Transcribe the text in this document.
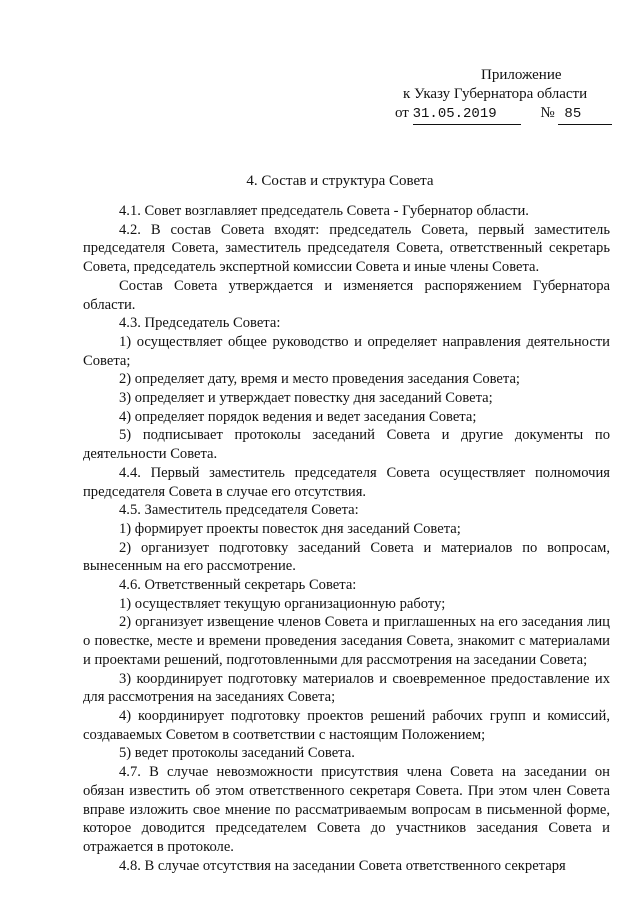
Приложение
к Указу Губернатора области
от 31.05.2019	№ 85
4. Состав и структура Совета

4.1. Совет возглавляет председатель Совета - Губернатор области.

4.2. В состав Совета входят: председатель Совета, первый заместитель председателя Совета, заместитель председателя Совета, ответственный секретарь Совета, председатель экспертной комиссии Совета и иные члены Совета.

Состав Совета утверждается и изменяется распоряжением Губернатора области.

4.3. Председатель Совета:

1) осуществляет общее руководство и определяет направления деятельности Совета;

2) определяет дату, время и место проведения заседания Совета;

3) определяет и утверждает повестку дня заседаний Совета;

4) определяет порядок ведения и ведет заседания Совета;

5) подписывает протоколы заседаний Совета и другие документы по деятельности Совета.

4.4. Первый заместитель председателя Совета осуществляет полномочия председателя Совета в случае его отсутствия.

4.5. Заместитель председателя Совета:

1) формирует проекты повесток дня заседаний Совета;

2) организует подготовку заседаний Совета и материалов по вопросам, вынесенным на его рассмотрение.

4.6. Ответственный секретарь Совета:

1) осуществляет текущую организационную работу;

2) организует извещение членов Совета и приглашенных на его заседания лиц о повестке, месте и времени проведения заседания Совета, знакомит с материалами и проектами решений, подготовленными для рассмотрения на заседании Совета;

3) координирует подготовку материалов и своевременное предоставление их для рассмотрения на заседаниях Совета;

4) координирует подготовку проектов решений рабочих групп и комиссий, создаваемых Советом в соответствии с настоящим Положением;

5) ведет протоколы заседаний Совета.

4.7. В случае невозможности присутствия члена Совета на заседании он обязан известить об этом ответственного секретаря Совета. При этом член Совета вправе изложить свое мнение по рассматриваемым вопросам в письменной форме, которое доводится председателем Совета до участников заседания Совета и отражается в протоколе.

4.8. В случае отсутствия на заседании Совета ответственного секретаря
